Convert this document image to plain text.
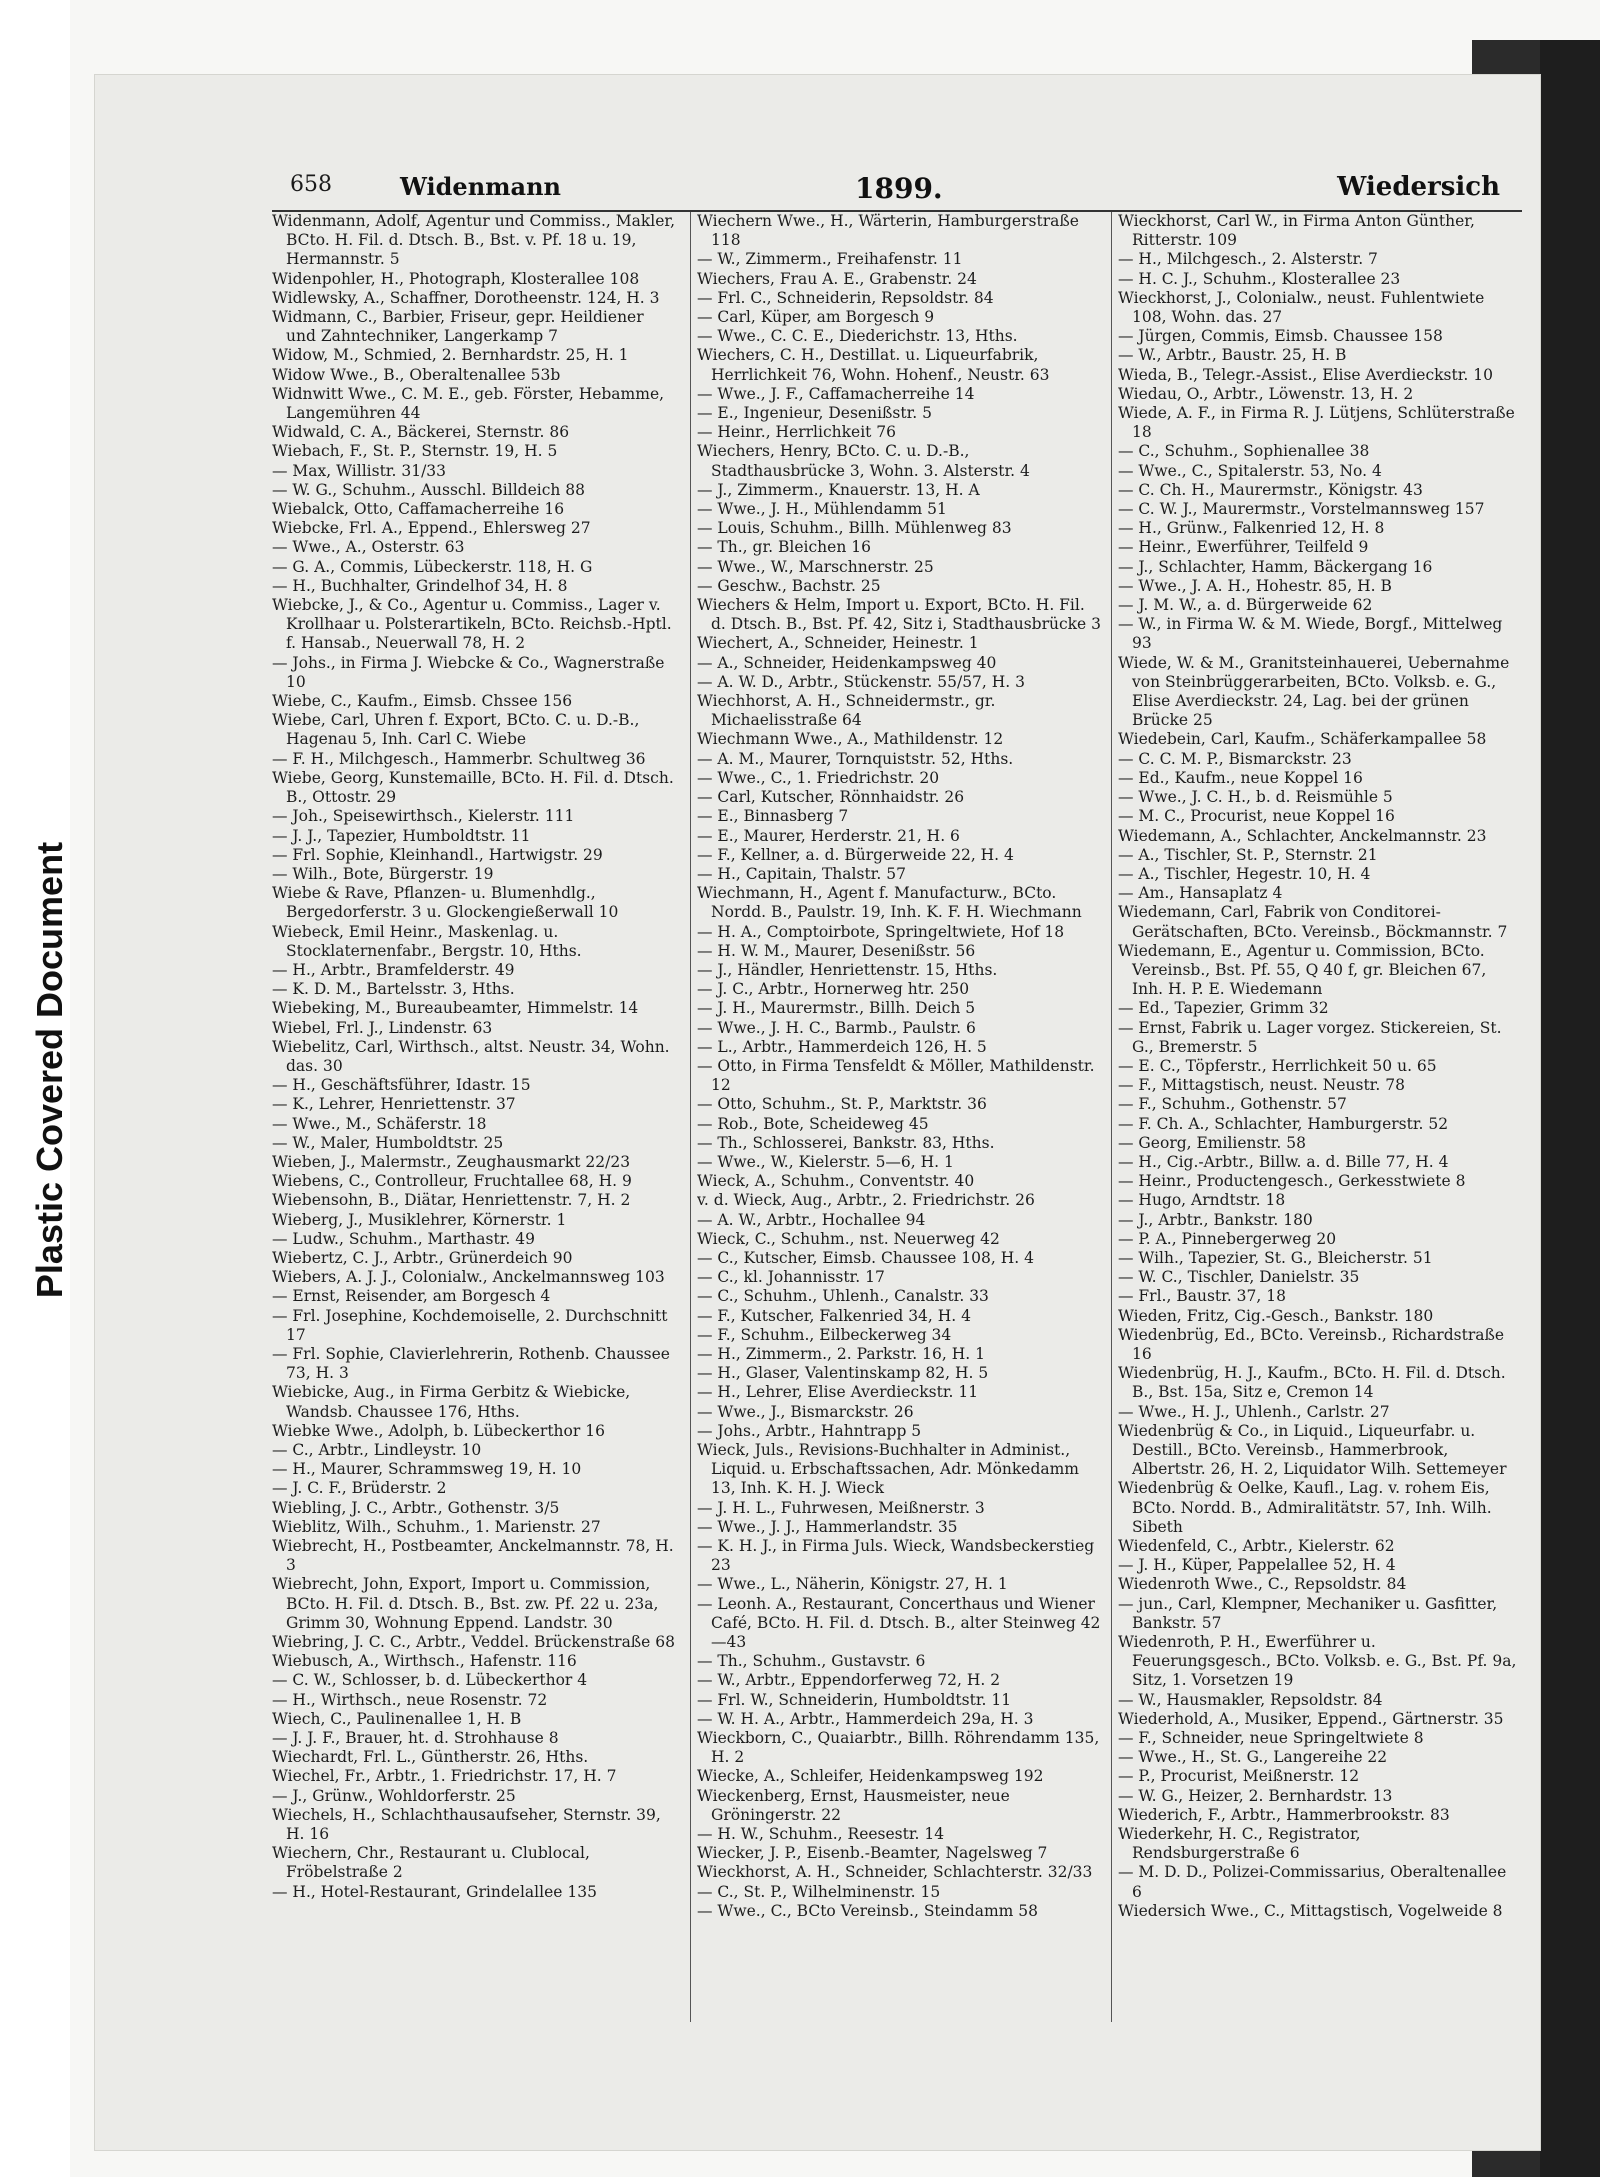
Plastic Covered Document
658	Widenmann	1899.	Wiedersich

Widenmann, Adolf, Agentur und Commiss., Makler, BCto. H. Fil. d. Dtsch. B., Bst. v. Pf. 18 u. 19, Hermannstr. 5

Widenpohler, H., Photograph, Klosterallee 108

Widlewsky, A., Schaffner, Dorotheenstr. 124, H. 3

Widmann, C., Barbier, Friseur, gepr. Heildiener und Zahntechniker, Langerkamp 7

Widow, M., Schmied, 2. Bernhardstr. 25, H. 1

Widow Wwe., B., Oberaltenallee 53b

Widnwitt Wwe., C. M. E., geb. Förster, Hebamme, Langemühren 44

Widwald, C. A., Bäckerei, Sternstr. 86

Wiebach, F., St. P., Sternstr. 19, H. 5

— Max, Willistr. 31/33

— W. G., Schuhm., Ausschl. Billdeich 88

Wiebalck, Otto, Caffamacherreihe 16

Wiebcke, Frl. A., Eppend., Ehlersweg 27

— Wwe., A., Osterstr. 63

— G. A., Commis, Lübeckerstr. 118, H. G

— H., Buchhalter, Grindelhof 34, H. 8

Wiebcke, J., & Co., Agentur u. Commiss., Lager v. Krollhaar u. Polsterartikeln, BCto. Reichsb.-Hptl. f. Hansab., Neuerwall 78, H. 2

— Johs., in Firma J. Wiebcke & Co., Wagnerstraße 10

Wiebe, C., Kaufm., Eimsb. Chssee 156

Wiebe, Carl, Uhren f. Export, BCto. C. u. D.-B., Hagenau 5, Inh. Carl C. Wiebe

— F. H., Milchgesch., Hammerbr. Schultweg 36

Wiebe, Georg, Kunstemaille, BCto. H. Fil. d. Dtsch. B., Ottostr. 29

— Joh., Speisewirthsch., Kielerstr. 111

— J. J., Tapezier, Humboldtstr. 11

— Frl. Sophie, Kleinhandl., Hartwigstr. 29

— Wilh., Bote, Bürgerstr. 19

Wiebe & Rave, Pflanzen- u. Blumenhdlg., Bergedorferstr. 3 u. Glockengießerwall 10

Wiebeck, Emil Heinr., Maskenlag. u. Stocklaternenfabr., Bergstr. 10, Hths.

— H., Arbtr., Bramfelderstr. 49

— K. D. M., Bartelsstr. 3, Hths.

Wiebeking, M., Bureaubeamter, Himmelstr. 14

Wiebel, Frl. J., Lindenstr. 63

Wiebelitz, Carl, Wirthsch., altst. Neustr. 34, Wohn. das. 30

— H., Geschäftsführer, Idastr. 15

— K., Lehrer, Henriettenstr. 37

— Wwe., M., Schäferstr. 18

— W., Maler, Humboldtstr. 25

Wieben, J., Malermstr., Zeughausmarkt 22/23

Wiebens, C., Controlleur, Fruchtallee 68, H. 9

Wiebensohn, B., Diätar, Henriettenstr. 7, H. 2

Wieberg, J., Musiklehrer, Körnerstr. 1

— Ludw., Schuhm., Marthastr. 49

Wiebertz, C. J., Arbtr., Grünerdeich 90

Wiebers, A. J. J., Colonialw., Anckelmannsweg 103

— Ernst, Reisender, am Borgesch 4

— Frl. Josephine, Kochdemoiselle, 2. Durchschnitt 17

— Frl. Sophie, Clavierlehrerin, Rothenb. Chaussee 73, H. 3

Wiebicke, Aug., in Firma Gerbitz & Wiebicke, Wandsb. Chaussee 176, Hths.

Wiebke Wwe., Adolph, b. Lübeckerthor 16

— C., Arbtr., Lindleystr. 10

— H., Maurer, Schrammsweg 19, H. 10

— J. C. F., Brüderstr. 2

Wiebling, J. C., Arbtr., Gothenstr. 3/5

Wieblitz, Wilh., Schuhm., 1. Marienstr. 27

Wiebrecht, H., Postbeamter, Anckelmannstr. 78, H. 3

Wiebrecht, John, Export, Import u. Commission, BCto. H. Fil. d. Dtsch. B., Bst. zw. Pf. 22 u. 23a, Grimm 30, Wohnung Eppend. Landstr. 30

Wiebring, J. C. C., Arbtr., Veddel. Brückenstraße 68

Wiebusch, A., Wirthsch., Hafenstr. 116

— C. W., Schlosser, b. d. Lübeckerthor 4

— H., Wirthsch., neue Rosenstr. 72

Wiech, C., Paulinenallee 1, H. B

— J. J. F., Brauer, ht. d. Strohhause 8

Wiechardt, Frl. L., Güntherstr. 26, Hths.

Wiechel, Fr., Arbtr., 1. Friedrichstr. 17, H. 7

— J., Grünw., Wohldorferstr. 25

Wiechels, H., Schlachthausaufseher, Sternstr. 39, H. 16

Wiechern, Chr., Restaurant u. Clublocal, Fröbelstraße 2

— H., Hotel-Restaurant, Grindelallee 135

Wiechern Wwe., H., Wärterin, Hamburgerstraße 118

— W., Zimmerm., Freihafenstr. 11

Wiechers, Frau A. E., Grabenstr. 24

— Frl. C., Schneiderin, Repsoldstr. 84

— Carl, Küper, am Borgesch 9

— Wwe., C. C. E., Diederichstr. 13, Hths.

Wiechers, C. H., Destillat. u. Liqueurfabrik, Herrlichkeit 76, Wohn. Hohenf., Neustr. 63

— Wwe., J. F., Caffamacherreihe 14

— E., Ingenieur, Desenißstr. 5

— Heinr., Herrlichkeit 76

Wiechers, Henry, BCto. C. u. D.-B., Stadthausbrücke 3, Wohn. 3. Alsterstr. 4

— J., Zimmerm., Knauerstr. 13, H. A

— Wwe., J. H., Mühlendamm 51

— Louis, Schuhm., Billh. Mühlenweg 83

— Th., gr. Bleichen 16

— Wwe., W., Marschnerstr. 25

— Geschw., Bachstr. 25

Wiechers & Helm, Import u. Export, BCto. H. Fil. d. Dtsch. B., Bst. Pf. 42, Sitz i, Stadthausbrücke 3

Wiechert, A., Schneider, Heinestr. 1

— A., Schneider, Heidenkampsweg 40

— A. W. D., Arbtr., Stückenstr. 55/57, H. 3

Wiechhorst, A. H., Schneidermstr., gr. Michaelisstraße 64

Wiechmann Wwe., A., Mathildenstr. 12

— A. M., Maurer, Tornquiststr. 52, Hths.

— Wwe., C., 1. Friedrichstr. 20

— Carl, Kutscher, Rönnhaidstr. 26

— E., Binnasberg 7

— E., Maurer, Herderstr. 21, H. 6

— F., Kellner, a. d. Bürgerweide 22, H. 4

— H., Capitain, Thalstr. 57

Wiechmann, H., Agent f. Manufacturw., BCto. Nordd. B., Paulstr. 19, Inh. K. F. H. Wiechmann

— H. A., Comptoirbote, Springeltwiete, Hof 18

— H. W. M., Maurer, Desenißstr. 56

— J., Händler, Henriettenstr. 15, Hths.

— J. C., Arbtr., Hornerweg htr. 250

— J. H., Maurermstr., Billh. Deich 5

— Wwe., J. H. C., Barmb., Paulstr. 6

— L., Arbtr., Hammerdeich 126, H. 5

— Otto, in Firma Tensfeldt & Möller, Mathildenstr. 12

— Otto, Schuhm., St. P., Marktstr. 36

— Rob., Bote, Scheideweg 45

— Th., Schlosserei, Bankstr. 83, Hths.

— Wwe., W., Kielerstr. 5—6, H. 1

Wieck, A., Schuhm., Conventstr. 40

v. d. Wieck, Aug., Arbtr., 2. Friedrichstr. 26

— A. W., Arbtr., Hochallee 94

Wieck, C., Schuhm., nst. Neuerweg 42

— C., Kutscher, Eimsb. Chaussee 108, H. 4

— C., kl. Johannisstr. 17

— C., Schuhm., Uhlenh., Canalstr. 33

— F., Kutscher, Falkenried 34, H. 4

— F., Schuhm., Eilbeckerweg 34

— H., Zimmerm., 2. Parkstr. 16, H. 1

— H., Glaser, Valentinskamp 82, H. 5

— H., Lehrer, Elise Averdieckstr. 11

— Wwe., J., Bismarckstr. 26

— Johs., Arbtr., Hahntrapp 5

Wieck, Juls., Revisions-Buchhalter in Administ., Liquid. u. Erbschaftssachen, Adr. Mönkedamm 13, Inh. K. H. J. Wieck

— J. H. L., Fuhrwesen, Meißnerstr. 3

— Wwe., J. J., Hammerlandstr. 35

— K. H. J., in Firma Juls. Wieck, Wandsbeckerstieg 23

— Wwe., L., Näherin, Königstr. 27, H. 1

— Leonh. A., Restaurant, Concerthaus und Wiener Café, BCto. H. Fil. d. Dtsch. B., alter Steinweg 42—43

— Th., Schuhm., Gustavstr. 6

— W., Arbtr., Eppendorferweg 72, H. 2

— Frl. W., Schneiderin, Humboldtstr. 11

— W. H. A., Arbtr., Hammerdeich 29a, H. 3

Wieckborn, C., Quaiarbtr., Billh. Röhrendamm 135, H. 2

Wiecke, A., Schleifer, Heidenkampsweg 192

Wieckenberg, Ernst, Hausmeister, neue Gröningerstr. 22

— H. W., Schuhm., Reesestr. 14

Wiecker, J. P., Eisenb.-Beamter, Nagelsweg 7

Wieckhorst, A. H., Schneider, Schlachterstr. 32/33

— C., St. P., Wilhelminenstr. 15

— Wwe., C., BCto Vereinsb., Steindamm 58

Wieckhorst, Carl W., in Firma Anton Günther, Ritterstr. 109

— H., Milchgesch., 2. Alsterstr. 7

— H. C. J., Schuhm., Klosterallee 23

Wieckhorst, J., Colonialw., neust. Fuhlentwiete 108, Wohn. das. 27

— Jürgen, Commis, Eimsb. Chaussee 158

— W., Arbtr., Baustr. 25, H. B

Wieda, B., Telegr.-Assist., Elise Averdieckstr. 10

Wiedau, O., Arbtr., Löwenstr. 13, H. 2

Wiede, A. F., in Firma R. J. Lütjens, Schlüterstraße 18

— C., Schuhm., Sophienallee 38

— Wwe., C., Spitalerstr. 53, No. 4

— C. Ch. H., Maurermstr., Königstr. 43

— C. W. J., Maurermstr., Vorstelmannsweg 157

— H., Grünw., Falkenried 12, H. 8

— Heinr., Ewerführer, Teilfeld 9

— J., Schlachter, Hamm, Bäckergang 16

— Wwe., J. A. H., Hohestr. 85, H. B

— J. M. W., a. d. Bürgerweide 62

— W., in Firma W. & M. Wiede, Borgf., Mittelweg 93

Wiede, W. & M., Granitsteinhauerei, Uebernahme von Steinbrüggerarbeiten, BCto. Volksb. e. G., Elise Averdieckstr. 24, Lag. bei der grünen Brücke 25

Wiedebein, Carl, Kaufm., Schäferkampallee 58

— C. C. M. P., Bismarckstr. 23

— Ed., Kaufm., neue Koppel 16

— Wwe., J. C. H., b. d. Reismühle 5

— M. C., Procurist, neue Koppel 16

Wiedemann, A., Schlachter, Anckelmannstr. 23

— A., Tischler, St. P., Sternstr. 21

— A., Tischler, Hegestr. 10, H. 4

— Am., Hansaplatz 4

Wiedemann, Carl, Fabrik von Conditorei-Gerätschaften, BCto. Vereinsb., Böckmannstr. 7

Wiedemann, E., Agentur u. Commission, BCto. Vereinsb., Bst. Pf. 55, Q 40 f, gr. Bleichen 67, Inh. H. P. E. Wiedemann

— Ed., Tapezier, Grimm 32

— Ernst, Fabrik u. Lager vorgez. Stickereien, St. G., Bremerstr. 5

— E. C., Töpferstr., Herrlichkeit 50 u. 65

— F., Mittagstisch, neust. Neustr. 78

— F., Schuhm., Gothenstr. 57

— F. Ch. A., Schlachter, Hamburgerstr. 52

— Georg, Emilienstr. 58

— H., Cig.-Arbtr., Billw. a. d. Bille 77, H. 4

— Heinr., Productengesch., Gerkesstwiete 8

— Hugo, Arndtstr. 18

— J., Arbtr., Bankstr. 180

— P. A., Pinnebergerweg 20

— Wilh., Tapezier, St. G., Bleicherstr. 51

— W. C., Tischler, Danielstr. 35

— Frl., Baustr. 37, 18

Wieden, Fritz, Cig.-Gesch., Bankstr. 180

Wiedenbrüg, Ed., BCto. Vereinsb., Richardstraße 16

Wiedenbrüg, H. J., Kaufm., BCto. H. Fil. d. Dtsch. B., Bst. 15a, Sitz e, Cremon 14

— Wwe., H. J., Uhlenh., Carlstr. 27

Wiedenbrüg & Co., in Liquid., Liqueurfabr. u. Destill., BCto. Vereinsb., Hammerbrook, Albertstr. 26, H. 2, Liquidator Wilh. Settemeyer

Wiedenbrüg & Oelke, Kaufl., Lag. v. rohem Eis, BCto. Nordd. B., Admiralitätstr. 57, Inh. Wilh. Sibeth

Wiedenfeld, C., Arbtr., Kielerstr. 62

— J. H., Küper, Pappelallee 52, H. 4

Wiedenroth Wwe., C., Repsoldstr. 84

— jun., Carl, Klempner, Mechaniker u. Gasfitter, Bankstr. 57

Wiedenroth, P. H., Ewerführer u. Feuerungsgesch., BCto. Volksb. e. G., Bst. Pf. 9a, Sitz, 1. Vorsetzen 19

— W., Hausmakler, Repsoldstr. 84

Wiederhold, A., Musiker, Eppend., Gärtnerstr. 35

— F., Schneider, neue Springeltwiete 8

— Wwe., H., St. G., Langereihe 22

— P., Procurist, Meißnerstr. 12

— W. G., Heizer, 2. Bernhardstr. 13

Wiederich, F., Arbtr., Hammerbrookstr. 83

Wiederkehr, H. C., Registrator, Rendsburgerstraße 6

— M. D. D., Polizei-Commissarius, Oberaltenallee 6

Wiedersich Wwe., C., Mittagstisch, Vogelweide 8
